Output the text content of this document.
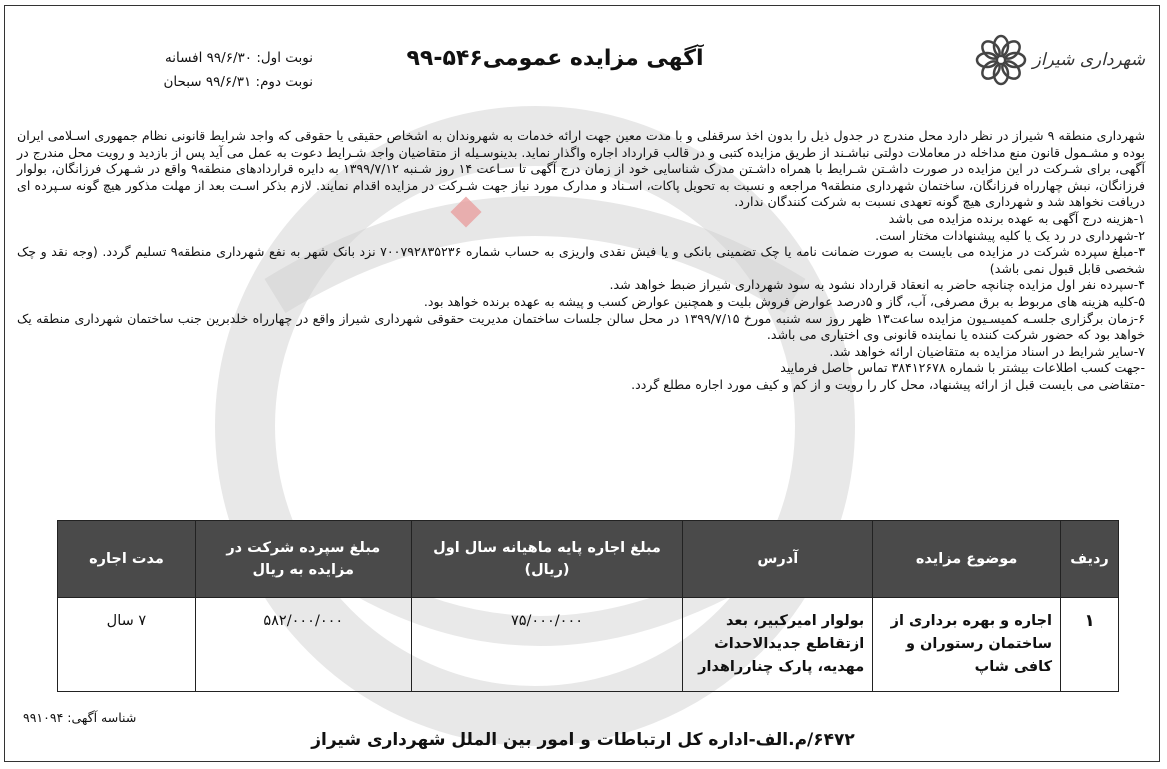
شهرداری شیراز
آگهی مزایده عمومی۵۴۶-۹۹
نوبت اول: ۹۹/۶/۳۰ افسانه
نوبت دوم: ۹۹/۶/۳۱ سبحان

شهرداری منطقه ۹ شیراز در نظر دارد محل مندرج در جدول ذیل را بدون اخذ سرقفلی و با مدت معین جهت ارائه خدمات به شهروندان به اشخاص حقیقی یا حقوقی که واجد شرایط قانونی نظام جمهوری اسـلامی ایران بوده و مشـمول قانون منع مداخله در معاملات دولتی نباشـند از طریق مزایده کتبی و در قالب قرارداد اجاره واگذار نماید. بدینوسـیله از متقاضیان واجد شـرایط دعوت به عمل می آید پس از بازدید و رویت محل مندرج در آگهی، برای شـرکت در این مزایده در صورت داشـتن شـرایط با همراه داشـتن مدرک شناسایی خود از زمان درج آگهی تا سـاعت ۱۴ روز شـنبه ۱۳۹۹/۷/۱۲ به دایره قراردادهای منطقه۹ واقع در شـهرک فرزانگان، بولوار فرزانگان، نبش چهارراه فرزانگان، ساختمان شهرداری منطقه۹ مراجعه و نسبت به تحویل پاکات، اسـناد و مدارک مورد نیاز جهت شـرکت در مزایده اقدام نمایند. لازم بذکر اسـت بعد از مهلت مذکور هیچ گونه سـپرده ای دریافت نخواهد شد و شهرداری هیچ گونه تعهدی نسبت به شرکت کنندگان ندارد.

۱-هزینه درج آگهی به عهده برنده مزایده می باشد
۲-شهرداری در رد یک یا کلیه پیشنهادات مختار است.
۳-مبلغ سپرده شرکت در مزایده می بایست به صورت ضمانت نامه یا چک تضمینی بانکی و یا فیش نقدی واریزی به حساب شماره ۷۰۰۷۹۲۸۳۵۲۳۶ نزد بانک شهر به نفع شهرداری منطقه۹ تسلیم گردد. (وجه نقد و چک شخصی قابل قبول نمی باشد)
۴-سپرده نفر اول مزایده چنانچه حاضر به انعقاد قرارداد نشود به سود شهرداری شیراز ضبط خواهد شد.
۵-کلیه هزینه های مربوط به برق مصرفی، آب، گاز و ۵درصد عوارض فروش بلیت و همچنین عوارض کسب و پیشه به عهده برنده خواهد بود.
۶-زمان برگزاری جلسـه کمیسـیون مزایده ساعت۱۳ ظهر روز سه شنبه مورخ ۱۳۹۹/۷/۱۵ در محل سالن جلسات ساختمان مدیریت حقوقی شهرداری شیراز واقع در چهارراه خلدبرین جنب ساختمان شهرداری منطقه یک خواهد بود که حضور شرکت کننده یا نماینده قانونی وی اختیاری می باشد.
۷-سایر شرایط در اسناد مزایده به متقاضیان ارائه خواهد شد.
-جهت کسب اطلاعات بیشتر با شماره ۳۸۴۱۲۶۷۸ تماس حاصل فرمایید
-متقاضی می بایست قبل از ارائه پیشنهاد، محل کار را رویت و از کم و کیف مورد اجاره مطلع گردد.
ردیف	موضوع مزایده	آدرس	مبلغ اجاره پایه ماهیانه سال اول (ریال)	مبلغ سپرده شرکت در مزایده به ریال	مدت اجاره
۱	اجاره و بهره برداری از ساختمان رستوران و کافی شاپ	بولوار امیرکبیر، بعد ازتقاطع جدیدالاحداث مهدیه، پارک چنارراهدار	۷۵/۰۰۰/۰۰۰	۵۸۲/۰۰۰/۰۰۰	۷ سال
شناسه آگهی: ۹۹۱۰۹۴
۶۴۷۲/م.الف-اداره کل ارتباطات و امور بین الملل شهرداری شیراز
